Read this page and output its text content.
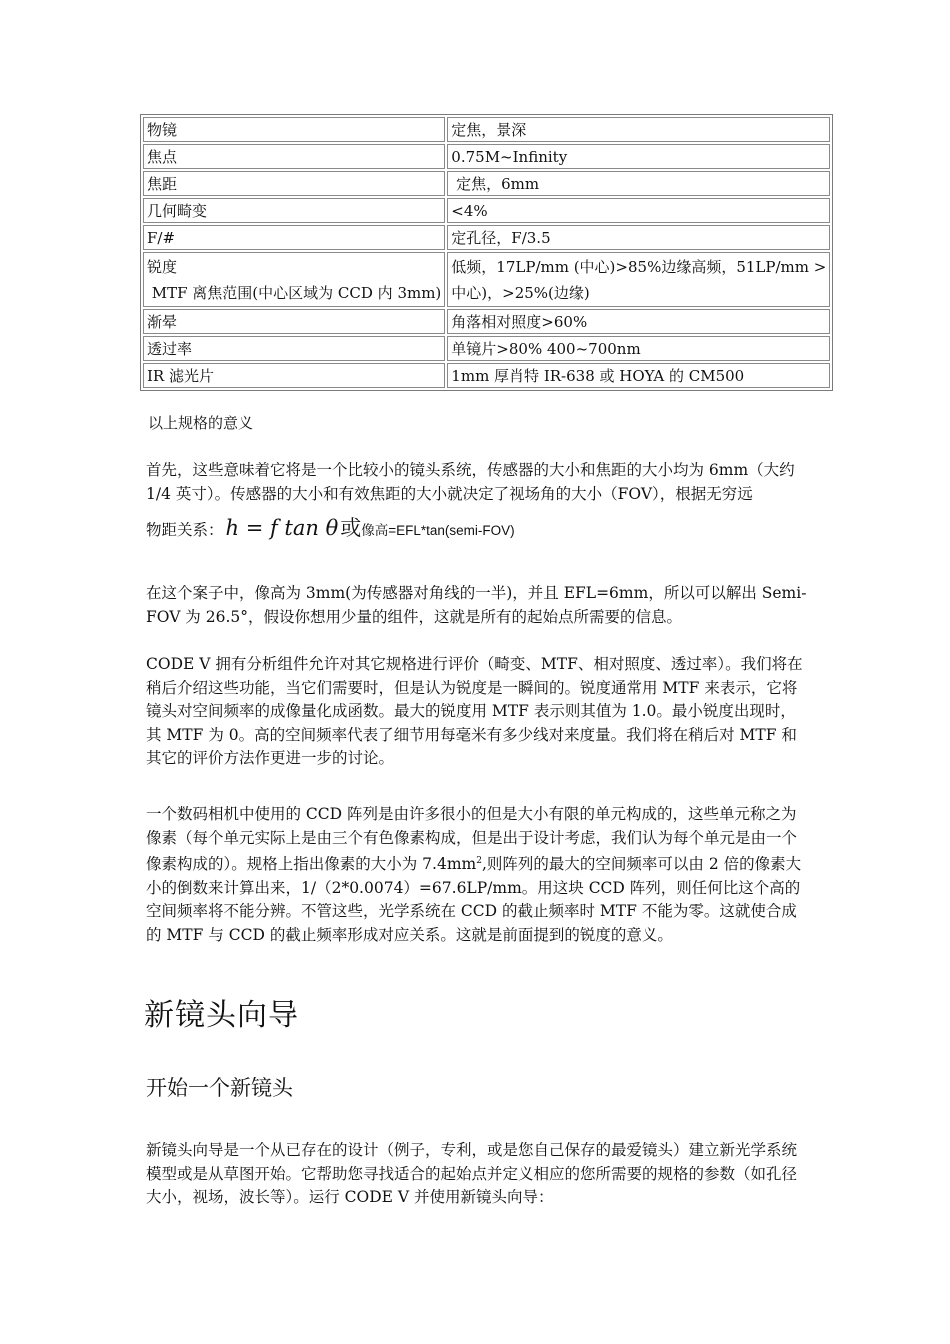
物镜	定焦，景深
焦点	0.75M~Infinity
焦距	定焦，6mm
几何畸变	<4%
F/#	定孔径，F/3.5

锐度
MTF 离焦范围(中心区域为 CCD 内 3mm)	低频，17LP/mm (中心)>85%边缘高频，51LP/mm >
中心)，>25%(边缘)

渐晕	角落相对照度>60%
透过率	单镜片>80% 400~700nm
IR 滤光片	1mm 厚肖特 IR-638 或 HOYA 的 CM500
以上规格的意义

首先，这些意味着它将是一个比较小的镜头系统，传感器的大小和焦距的大小均为 6mm（大约 1/4 英寸）。传感器的大小和有效焦距的大小就决定了视场角的大小（FOV），根据无穷远

物距关系：h = f tan θ或像高=EFL*tan(semi-FOV)

在这个案子中，像高为 3mm(为传感器对角线的一半)，并且 EFL=6mm，所以可以解出 Semi-FOV 为 26.5°，假设你想用少量的组件，这就是所有的起始点所需要的信息。

CODE V 拥有分析组件允许对其它规格进行评价（畸变、MTF、相对照度、透过率）。我们将在稍后介绍这些功能，当它们需要时，但是认为锐度是一瞬间的。锐度通常用 MTF 来表示，它将镜头对空间频率的成像量化成函数。最大的锐度用 MTF 表示则其值为 1.0。最小锐度出现时，其 MTF 为 0。高的空间频率代表了细节用每毫米有多少线对来度量。我们将在稍后对 MTF 和其它的评价方法作更进一步的讨论。

一个数码相机中使用的 CCD 阵列是由许多很小的但是大小有限的单元构成的，这些单元称之为像素（每个单元实际上是由三个有色像素构成，但是出于设计考虑，我们认为每个单元是由一个像素构成的）。规格上指出像素的大小为 $7.4mm^2$,则阵列的最大的空间频率可以由 2 倍的像素大小的倒数来计算出来，1/（2*0.0074）=67.6LP/mm。用这块 CCD 阵列，则任何比这个高的空间频率将不能分辨。不管这些，光学系统在 CCD 的截止频率时 MTF 不能为零。这就使合成的 MTF 与 CCD 的截止频率形成对应关系。这就是前面提到的锐度的意义。

新镜头向导
开始一个新镜头

新镜头向导是一个从已存在的设计（例子，专利，或是您自己保存的最爱镜头）建立新光学系统模型或是从草图开始。它帮助您寻找适合的起始点并定义相应的您所需要的规格的参数（如孔径大小，视场，波长等）。运行 CODE V 并使用新镜头向导：
